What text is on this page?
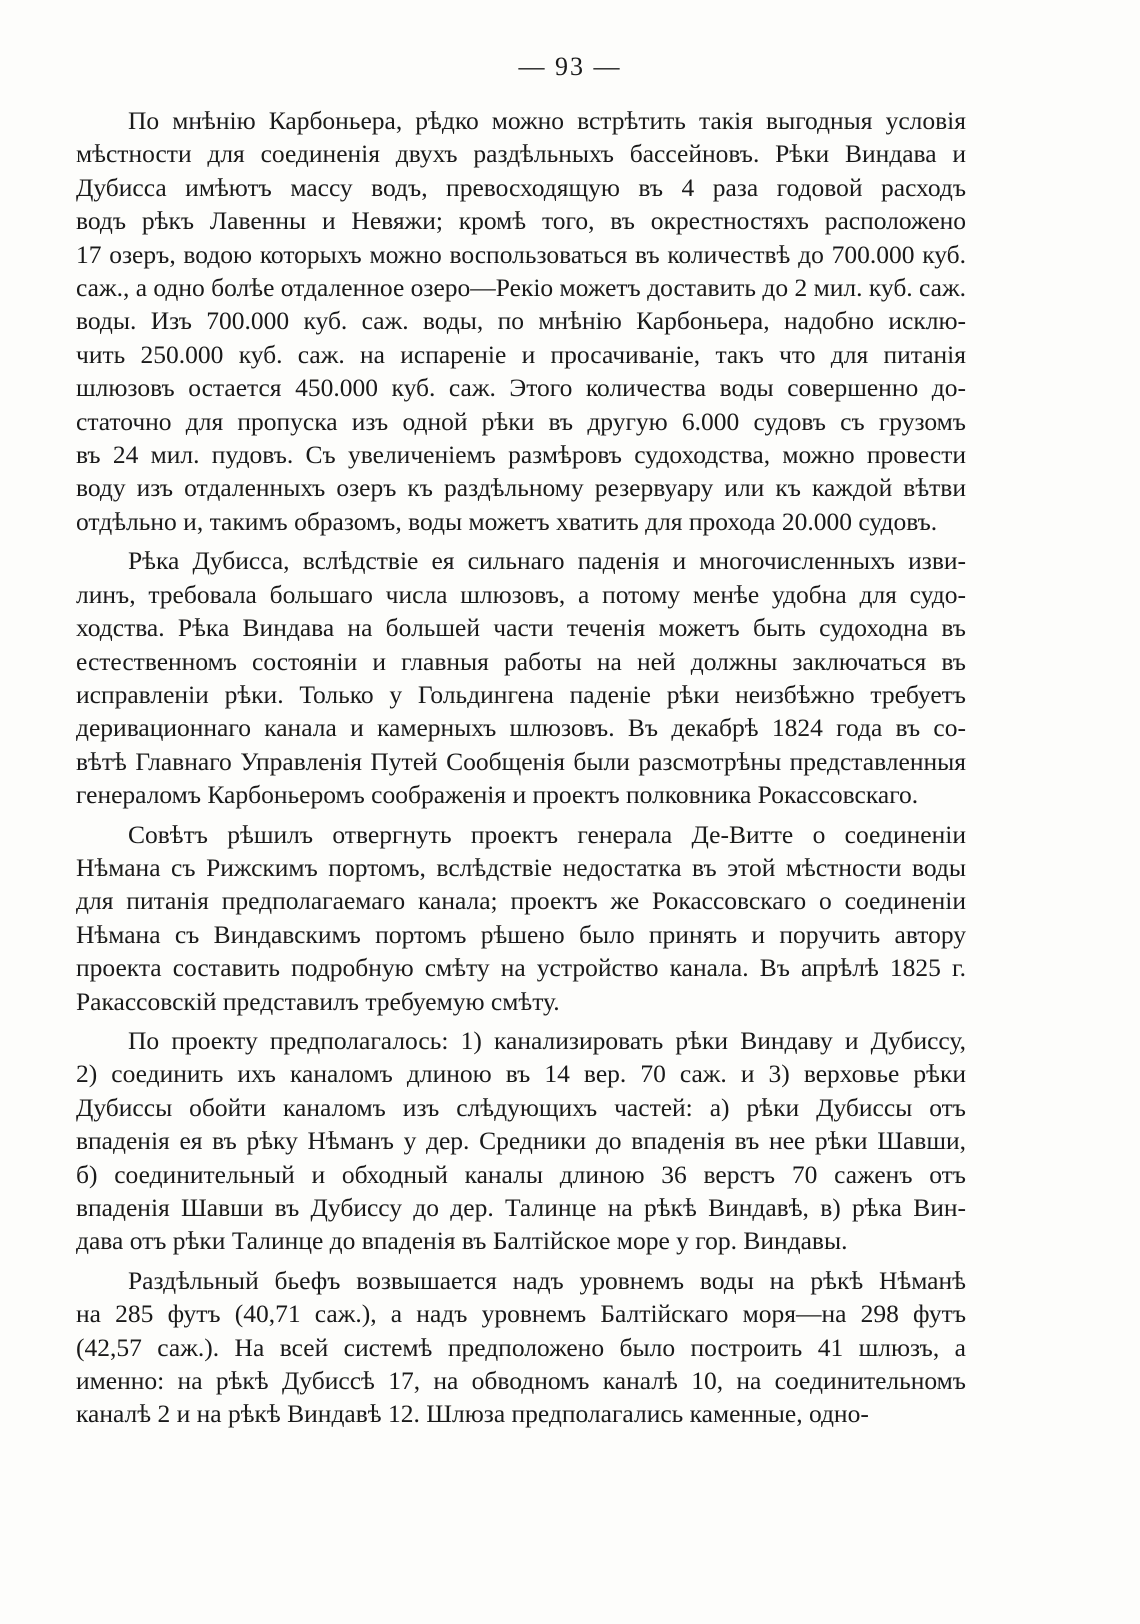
— 93 —

По мнѣнію Карбоньера, рѣдко можно встрѣтить такія выгодныя условія
мѣстности для соединенія двухъ раздѣльныхъ бассейновъ. Рѣки Виндава и
Дубисса имѣютъ массу водъ, превосходящую въ 4 раза годовой расходъ
водъ рѣкъ Лавенны и Невяжи; кромѣ того, въ окрестностяхъ расположено
17 озеръ, водою которыхъ можно воспользоваться въ количествѣ до 700.000 куб.
саж., а одно болѣе отдаленное озеро—Рекіо можетъ доставить до 2 мил. куб. саж.
воды. Изъ 700.000 куб. саж. воды, по мнѣнію Карбоньера, надобно исклю-
чить 250.000 куб. саж. на испареніе и просачиваніе, такъ что для питанія
шлюзовъ остается 450.000 куб. саж. Этого количества воды совершенно до-
статочно для пропуска изъ одной рѣки въ другую 6.000 судовъ съ грузомъ
въ 24 мил. пудовъ. Съ увеличеніемъ размѣровъ судоходства, можно провести
воду изъ отдаленныхъ озеръ къ раздѣльному резервуару или къ каждой вѣтви
отдѣльно и, такимъ образомъ, воды можетъ хватить для прохода 20.000 судовъ.

Рѣка Дубисса, вслѣдствіе ея сильнаго паденія и многочисленныхъ изви-
линъ, требовала большаго числа шлюзовъ, а потому менѣе удобна для судо-
ходства. Рѣка Виндава на большей части теченія можетъ быть судоходна въ
естественномъ состояніи и главныя работы на ней должны заключаться въ
исправленіи рѣки. Только у Гольдингена паденіе рѣки неизбѣжно требуетъ
деривационнаго канала и камерныхъ шлюзовъ. Въ декабрѣ 1824 года въ со-
вѣтѣ Главнаго Управленія Путей Сообщенія были разсмотрѣны представленныя
генераломъ Карбоньеромъ соображенія и проектъ полковника Рокассовскаго.

Совѣтъ рѣшилъ отвергнуть проектъ генерала Де-Витте о соединеніи
Нѣмана съ Рижскимъ портомъ, вслѣдствіе недостатка въ этой мѣстности воды
для питанія предполагаемаго канала; проектъ же Рокассовскаго о соединеніи
Нѣмана съ Виндавскимъ портомъ рѣшено было принять и поручить автору
проекта составить подробную смѣту на устройство канала. Въ апрѣлѣ 1825 г.
Ракассовскій представилъ требуемую смѣту.

По проекту предполагалось: 1) канализировать рѣки Виндаву и Дубиссу,
2) соединить ихъ каналомъ длиною въ 14 вер. 70 саж. и 3) верховье рѣки
Дубиссы обойти каналомъ изъ слѣдующихъ частей: а) рѣки Дубиссы отъ
впаденія ея въ рѣку Нѣманъ у дер. Средники до впаденія въ нее рѣки Шавши,
б) соединительный и обходный каналы длиною 36 верстъ 70 саженъ отъ
впаденія Шавши въ Дубиссу до дер. Талинце на рѣкѣ Виндавѣ, в) рѣка Вин-
дава отъ рѣки Талинце до впаденія въ Балтійское море у гор. Виндавы.

Раздѣльный бьефъ возвышается надъ уровнемъ воды на рѣкѣ Нѣманѣ
на 285 футъ (40,71 саж.), а надъ уровнемъ Балтійскаго моря—на 298 футъ
(42,57 саж.). На всей системѣ предположено было построить 41 шлюзъ, а
именно: на рѣкѣ Дубиссѣ 17, на обводномъ каналѣ 10, на соединительномъ
каналѣ 2 и на рѣкѣ Виндавѣ 12. Шлюза предполагались каменные, одно-
